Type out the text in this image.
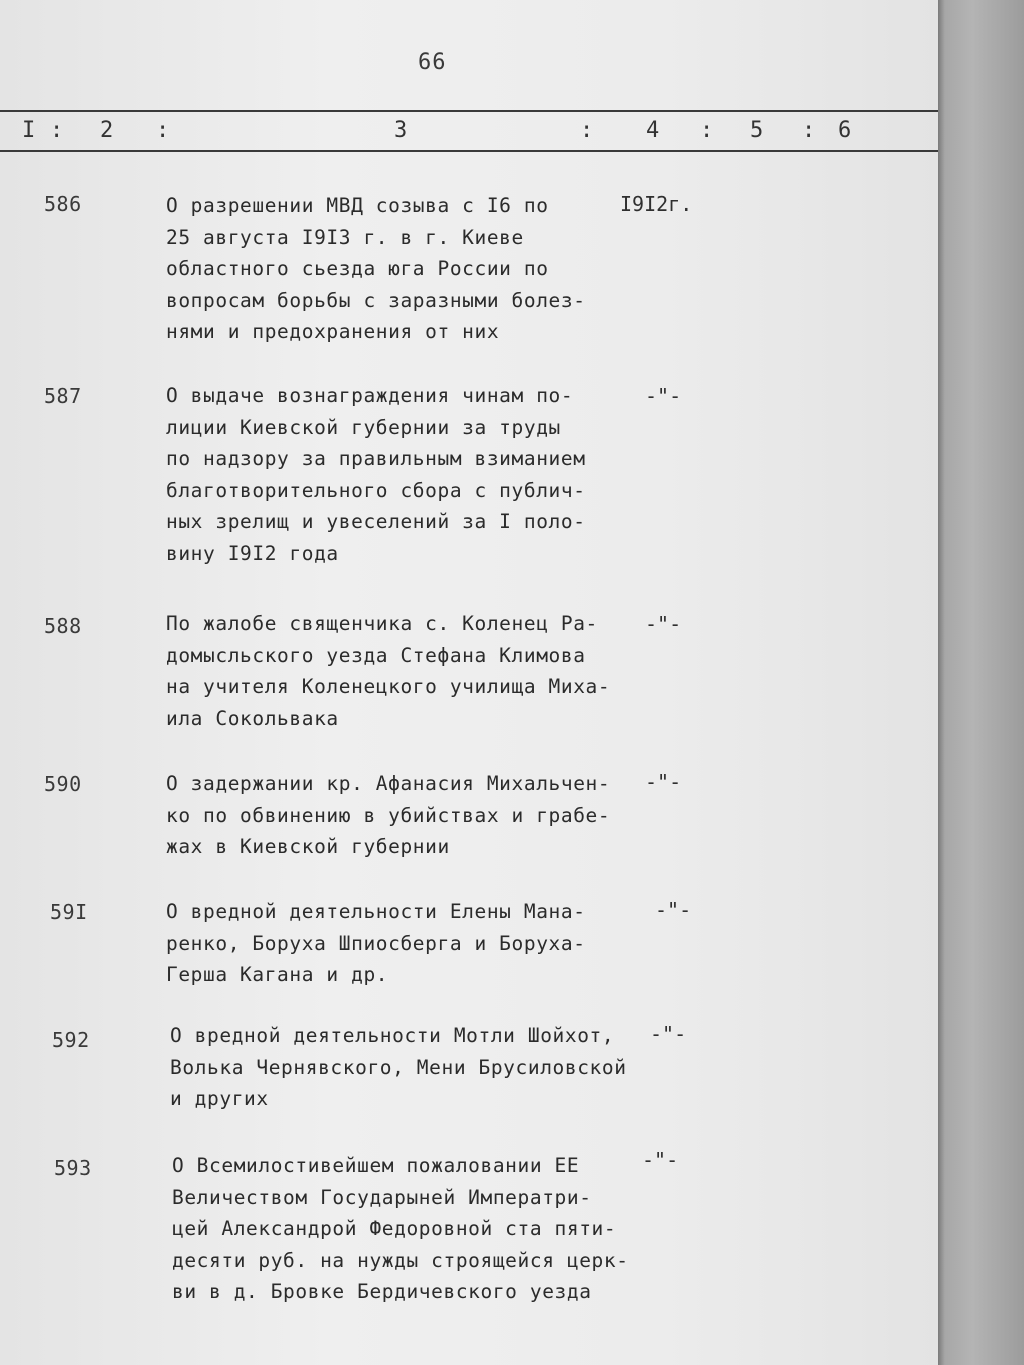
66
I : 2 :	3	: 4 : 5 : 6
586	О разрешении МВД созыва с I6 по
25 августа I9I3 г. в г. Киеве
областного сьезда юга России по
вопросам борьбы с заразными болез-
нями и предохранения от них
I9I2г.
587	О выдаче вознаграждения чинам по-
лиции Киевской губернии за труды
по надзору за правильным взиманием
благотворительного сбора с публич-
ных зрелищ и увеселений за I поло-
вину I9I2 года
-"-
588	По жалобе священчика с. Коленец Ра-
домысльского уезда Стефана Климова
на учителя Коленецкого училища Миха-
ила Сокольвака
-"-
590	О задержании кр. Афанасия Михальчен-
ко по обвинению в убийствах и грабе-
жах в Киевской губернии
-"-
59I	О вредной деятельности Елены Мана-
ренко, Боруха Шпиосберга и Боруха-
Герша Кагана и др.
-"-
592	О вредной деятельности Мотли Шойхот,
Волька Чернявского, Мени Брусиловской
и других
-"-
593	О Всемилостивейшем пожаловании ЕЕ
Величеством Государыней Императри-
цей Александрой Федоровной ста пяти-
десяти руб. на нужды строящейся церк-
ви в д. Бровке Бердичевского уезда
-"-
